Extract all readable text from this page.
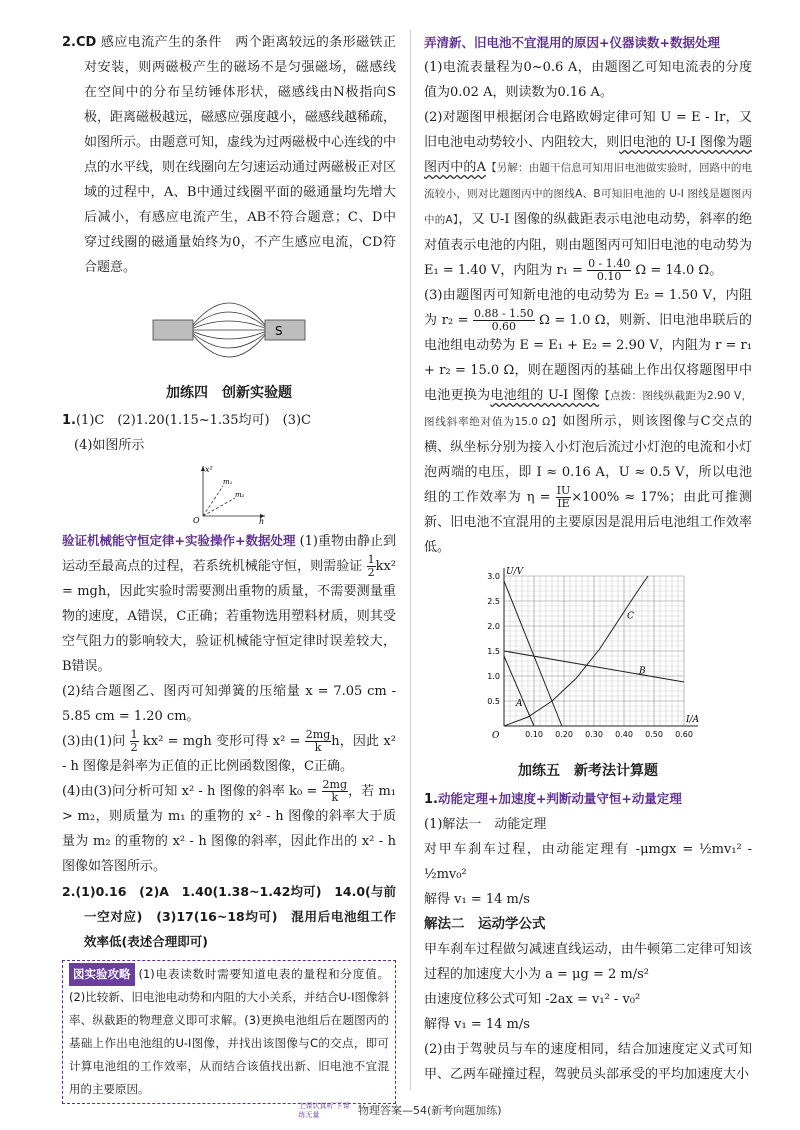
2.CD 感应电流产生的条件　两个距离较远的条形磁铁正对安装，则两磁极产生的磁场不是匀强磁场，磁感线在空间中的分布呈纺锤体形状，磁感线由N极指向S极，距离磁极越远，磁感应强度越小，磁感线越稀疏，如图所示。由题意可知，虚线为过两磁极中心连线的中点的水平线，则在线圈向左匀速运动通过两磁极正对区域的过程中，A、B中通过线圈平面的磁通量均先增大后减小，有感应电流产生，AB不符合题意；C、D中穿过线圈的磁通量始终为0，不产生感应电流，CD符合题意。

S
加练四　创新实验题

1.(1)C　(2)1.20(1.15~1.35均可)　(3)C

(4)如图所示

x²
m₁
m₂
O	h

验证机械能守恒定律+实验操作+数据处理 (1)重物由静止到运动至最高点的过程，若系统机械能守恒，则需验证 $\frac{1}{2} kx^2$ = mgh，因此实验时需要测出重物的质量，不需要测量重物的速度，A错误，C正确；若重物选用塑料材质，则其受空气阻力的影响较大，验证机械能守恒定律时误差较大，B错误。

(2)结合题图乙、图丙可知弹簧的压缩量 x = 7.05 cm - 5.85 cm = 1.20 cm。

(3)由(1)问 $\frac{1}{2} kx^2$ = mgh 变形可得 $x^2 = \frac{2mg}{k}$ h，因此 x² - h 图像是斜率为正值的正比例函数图像，C正确。

(4)由(3)问分析可知 x² - h 图像的斜率 $k_0 = \frac{2mg}{k}$ ，若 m₁ > m₂，则质量为 m₁ 的重物的 x² - h 图像的斜率大于质量为 m₂ 的重物的 x² - h 图像的斜率，因此作出的 x² - h 图像如答图所示。

2.(1)0.16　(2)A　1.40(1.38~1.42均可)　14.0(与前一空对应)　(3)17(16~18均可)　混用后电池组工作效率低(表述合理即可)

図实验攻略 (1)电表读数时需要知道电表的量程和分度值。(2)比较新、旧电池电动势和内阻的大小关系，并结合U-I图像斜率、纵截距的物理意义即可求解。(3)更换电池组后在题图丙的基础上作出电池组的U-I图像，并找出该图像与C的交点，即可计算电池组的工作效率，从而结合该值找出新、旧电池不宜混用的主要原因。

弄清新、旧电池不宜混用的原因+仪器读数+数据处理

(1)电流表量程为0~0.6 A，由题图乙可知电流表的分度值为0.02 A，则读数为0.16 A。

(2)对题图甲根据闭合电路欧姆定律可知 U = E - Ir，又旧电池电动势较小、内阻较大，则旧电池的 U-I 图像为题图丙中的A【另解：由题干信息可知用旧电池做实验时，回路中的电流较小，则对比题图丙中的图线A、B可知旧电池的 U-I 图线是题图丙中的A】，又 U-I 图像的纵截距表示电池电动势，斜率的绝对值表示电池的内阻，则由题图丙可知旧电池的电动势为 E₁ = 1.40 V，内阻为 $r_1 = \frac{0 - 1.40}{0.10}$ Ω = 14.0 Ω。

(3)由题图丙可知新电池的电动势为 E₂ = 1.50 V，内阻为 $r_2 = \frac{0.88 - 1.50}{0.60}$ Ω = 1.0 Ω，则新、旧电池串联后的电池组电动势为 E = E₁ + E₂ = 2.90 V，内阻为 r = r₁ + r₂ = 15.0 Ω，则在题图丙的基础上作出仅将题图甲中电池更换为电池组的 U-I 图像【点拨：图线纵截距为2.90 V，图线斜率绝对值为15.0 Ω】如图所示，则该图像与C交点的横、纵坐标分别为接入小灯泡后流过小灯泡的电流和小灯泡两端的电压，即 I ≈ 0.16 A，U ≈ 0.5 V，所以电池组的工作效率为 $\eta = \frac{IU}{IE} \times 100\% \approx 17\%$；由此可推测新、旧电池不宜混用的主要原因是混用后电池组工作效率低。

0.5
1.0
1.5
2.0
2.5
3.0
0.10 0.20 0.30 0.40 0.50 0.60
U/V
I/A
O
A
B
C
加练五　新考法计算题

1.动能定理+加速度+判断动量守恒+动量定理

(1)解法一　动能定理

对甲车刹车过程，由动能定理有 -μmgx = ½mv₁² - ½mv₀²

解得 v₁ = 14 m/s

解法二　运动学公式

甲车刹车过程做匀减速直线运动，由牛顿第二定律可知该过程的加速度大小为 a = μg = 2 m/s²

由速度位移公式可知 -2ax = v₁² - v₀²

解得 v₁ = 14 m/s

(2)由于驾驶员与车的速度相同，结合加速度定义式可知甲、乙两车碰撞过程，驾驶员头部承受的平均加速度大小

上课认真听 下课练无量	物理答案—54(新考向题加练)
